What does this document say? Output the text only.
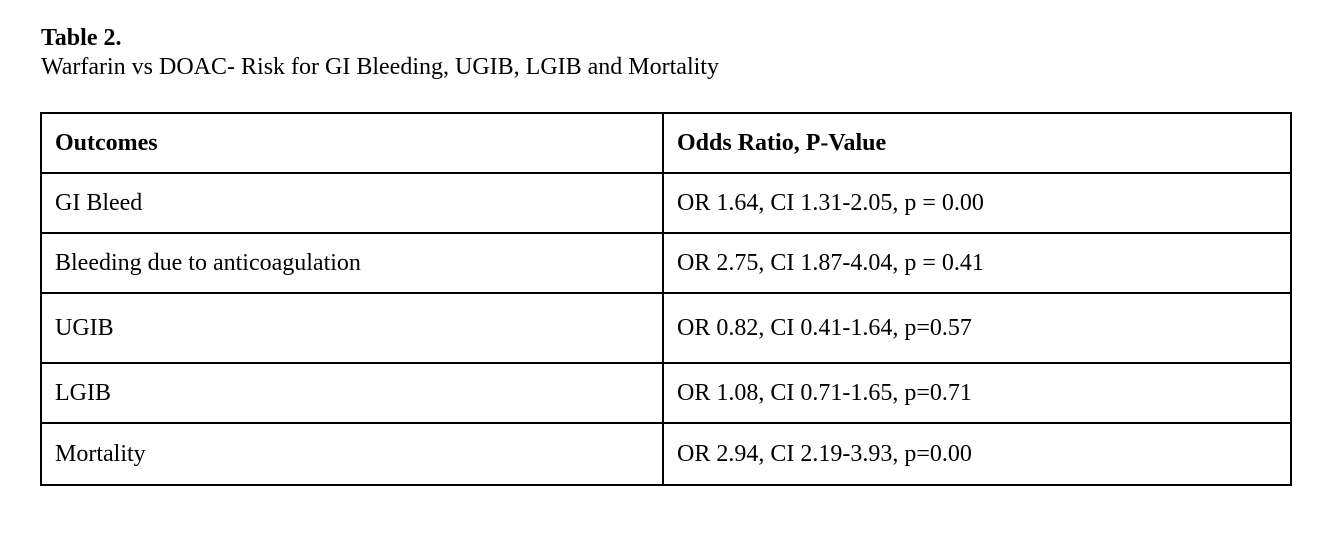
Table 2.

Warfarin vs DOAC- Risk for GI Bleeding, UGIB, LGIB and Mortality

Outcomes	Odds Ratio, P-Value
GI Bleed	OR 1.64, CI 1.31-2.05, p = 0.00
Bleeding due to anticoagulation	OR 2.75, CI 1.87-4.04, p = 0.41
UGIB	OR 0.82, CI 0.41-1.64, p=0.57
LGIB	OR 1.08, CI 0.71-1.65, p=0.71
Mortality	OR 2.94, CI 2.19-3.93, p=0.00
